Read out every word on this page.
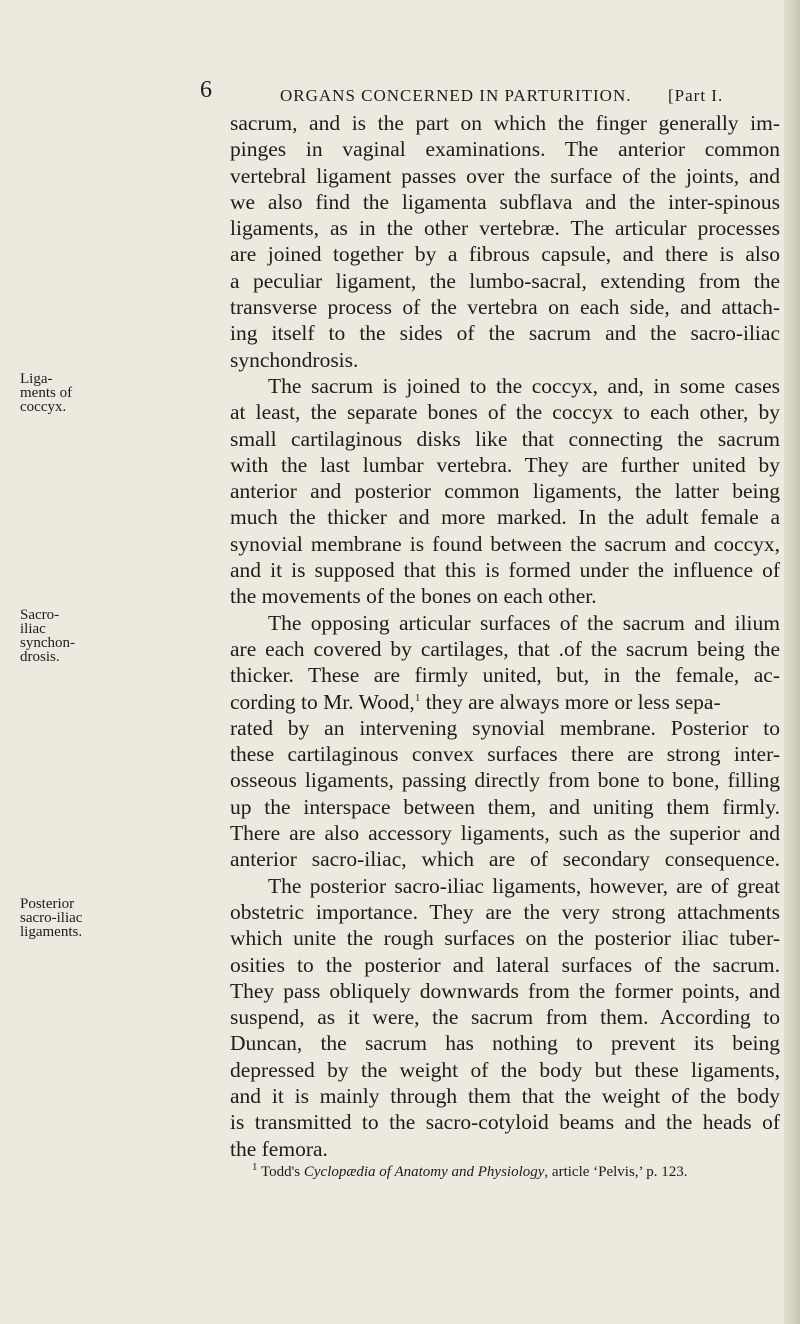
6	ORGANS CONCERNED IN PARTURITION. [Part I.
sacrum, and is the part on which the finger generally im-
pinges in vaginal examinations. The anterior common
vertebral ligament passes over the surface of the joints, and
we also find the ligamenta subflava and the inter-spinous
ligaments, as in the other vertebræ. The articular processes
are joined together by a fibrous capsule, and there is also
a peculiar ligament, the lumbo-sacral, extending from the
transverse process of the vertebra on each side, and attach-
ing itself to the sides of the sacrum and the sacro-iliac
synchondrosis.
The sacrum is joined to the coccyx, and, in some cases
at least, the separate bones of the coccyx to each other, by
small cartilaginous disks like that connecting the sacrum
with the last lumbar vertebra. They are further united by
anterior and posterior common ligaments, the latter being
much the thicker and more marked. In the adult female a
synovial membrane is found between the sacrum and coccyx,
and it is supposed that this is formed under the influence of
the movements of the bones on each other.
The opposing articular surfaces of the sacrum and ilium
are each covered by cartilages, that .of the sacrum being the
thicker. These are firmly united, but, in the female, ac-
cording to Mr. Wood,$^1$ they are always more or less sepa-
rated by an intervening synovial membrane. Posterior to
these cartilaginous convex surfaces there are strong inter-
osseous ligaments, passing directly from bone to bone, filling
up the interspace between them, and uniting them firmly.
There are also accessory ligaments, such as the superior and
anterior sacro-iliac, which are of secondary consequence.
The posterior sacro-iliac ligaments, however, are of great
obstetric importance. They are the very strong attachments
which unite the rough surfaces on the posterior iliac tuber-
osities to the posterior and lateral surfaces of the sacrum.
They pass obliquely downwards from the former points, and
suspend, as it were, the sacrum from them. According to
Duncan, the sacrum has nothing to prevent its being
depressed by the weight of the body but these ligaments,
and it is mainly through them that the weight of the body
is transmitted to the sacro-cotyloid beams and the heads of
the femora.
Liga-
ments of
coccyx.
Sacro-
iliac
synchon-
drosis.
Posterior
sacro-iliac
ligaments.
$^1$ Todd's Cyclopædia of Anatomy and Physiology, article ‘Pelvis,’ p. 123.
